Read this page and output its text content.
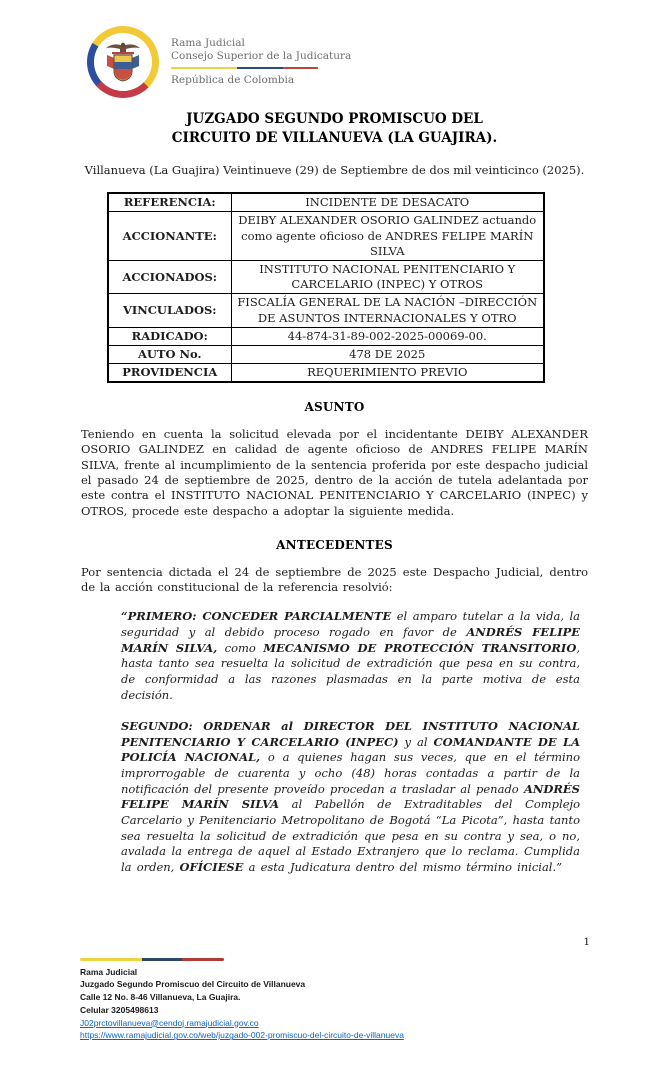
Rama Judicial
Consejo Superior de la Judicatura
República de Colombia
JUZGADO SEGUNDO PROMISCUO DEL CIRCUITO DE VILLANUEVA (LA GUAJIRA).
Villanueva (La Guajira) Veintinueve (29) de Septiembre de dos mil veinticinco (2025).
REFERENCIA:	INCIDENTE DE DESACATO
ACCIONANTE:	DEIBY ALEXANDER OSORIO GALINDEZ actuando como agente oficioso de ANDRES FELIPE MARÍN SILVA
ACCIONADOS:	INSTITUTO NACIONAL PENITENCIARIO Y CARCELARIO (INPEC) Y OTROS
VINCULADOS:	FISCALÍA GENERAL DE LA NACIÓN –DIRECCIÓN DE ASUNTOS INTERNACIONALES Y OTRO
RADICADO:	44-874-31-89-002-2025-00069-00.
AUTO No.	478 DE 2025
PROVIDENCIA	REQUERIMIENTO PREVIO
ASUNTO

Teniendo en cuenta la solicitud elevada por el incidentante DEIBY ALEXANDER OSORIO GALINDEZ en calidad de agente oficioso de ANDRES FELIPE MARÍN SILVA, frente al incumplimiento de la sentencia proferida por este despacho judicial el pasado 24 de septiembre de 2025, dentro de la acción de tutela adelantada por este contra el INSTITUTO NACIONAL PENITENCIARIO Y CARCELARIO (INPEC) y OTROS, procede este despacho a adoptar la siguiente medida.

ANTECEDENTES

Por sentencia dictada el 24 de septiembre de 2025 este Despacho Judicial, dentro de la acción constitucional de la referencia resolvió:

“PRIMERO: CONCEDER PARCIALMENTE el amparo tutelar a la vida, la seguridad y al debido proceso rogado en favor de ANDRÉS FELIPE MARÍN SILVA, como MECANISMO DE PROTECCIÓN TRANSITORIO, hasta tanto sea resuelta la solicitud de extradición que pesa en su contra, de conformidad a las razones plasmadas en la parte motiva de esta decisión.

SEGUNDO: ORDENAR al DIRECTOR DEL INSTITUTO NACIONAL PENITENCIARIO Y CARCELARIO (INPEC) y al COMANDANTE DE LA POLICÍA NACIONAL, o a quienes hagan sus veces, que en el término improrrogable de cuarenta y ocho (48) horas contadas a partir de la notificación del presente proveído procedan a trasladar al penado ANDRÉS FELIPE MARÍN SILVA al Pabellón de Extraditables del Complejo Carcelario y Penitenciario Metropolitano de Bogotá “La Picota”, hasta tanto sea resuelta la solicitud de extradición que pesa en su contra y sea, o no, avalada la entrega de aquel al Estado Extranjero que lo reclama. Cumplida la orden, OFÍCIESE a esta Judicatura dentro del mismo término inicial.”

1
Rama Judicial
Juzgado Segundo Promiscuo del Circuito de Villanueva
Calle 12 No. 8-46 Villanueva, La Guajira.
Celular 3205498613
J02prctovillanueva@cendoj.ramajudicial.gov.co
https://www.ramajudicial.gov.co/web/juzgado-002-promiscuo-del-circuito-de-villanueva
